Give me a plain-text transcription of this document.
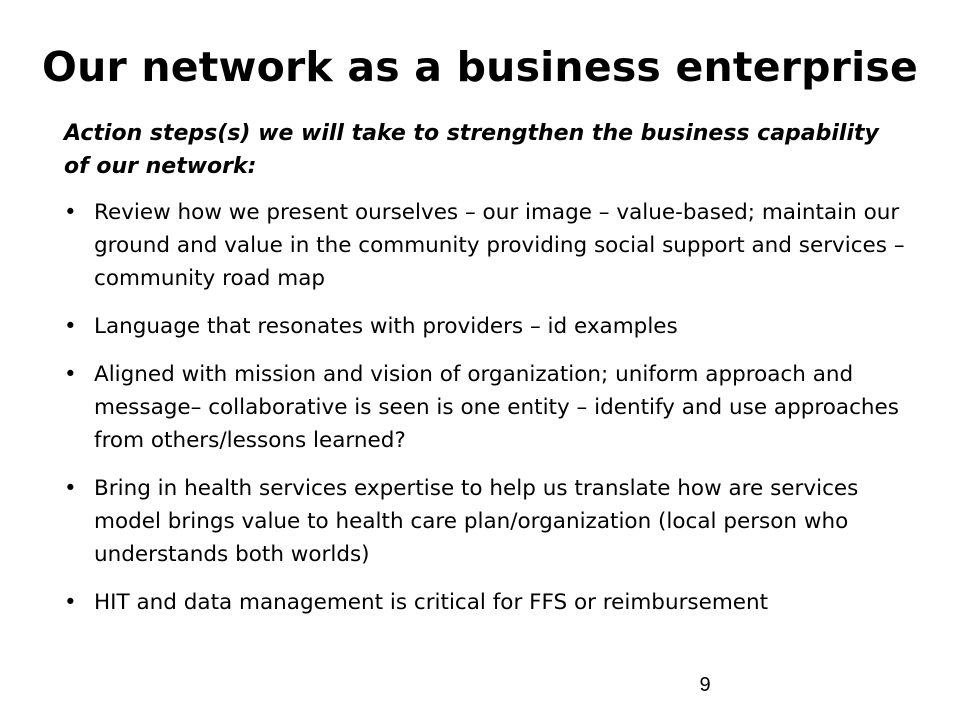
Our network as a business enterprise

Action steps(s) we will take to strengthen the business capability of our network:

• Review how we present ourselves – our image – value-based; maintain our ground and value in the community providing social support and services – community road map
• Language that resonates with providers – id examples
• Aligned with mission and vision of organization; uniform approach and message– collaborative is seen is one entity – identify and use approaches from others/lessons learned?
• Bring in health services expertise to help us translate how are services model brings value to health care plan/organization (local person who understands both worlds)
• HIT and data management is critical for FFS or reimbursement
9
